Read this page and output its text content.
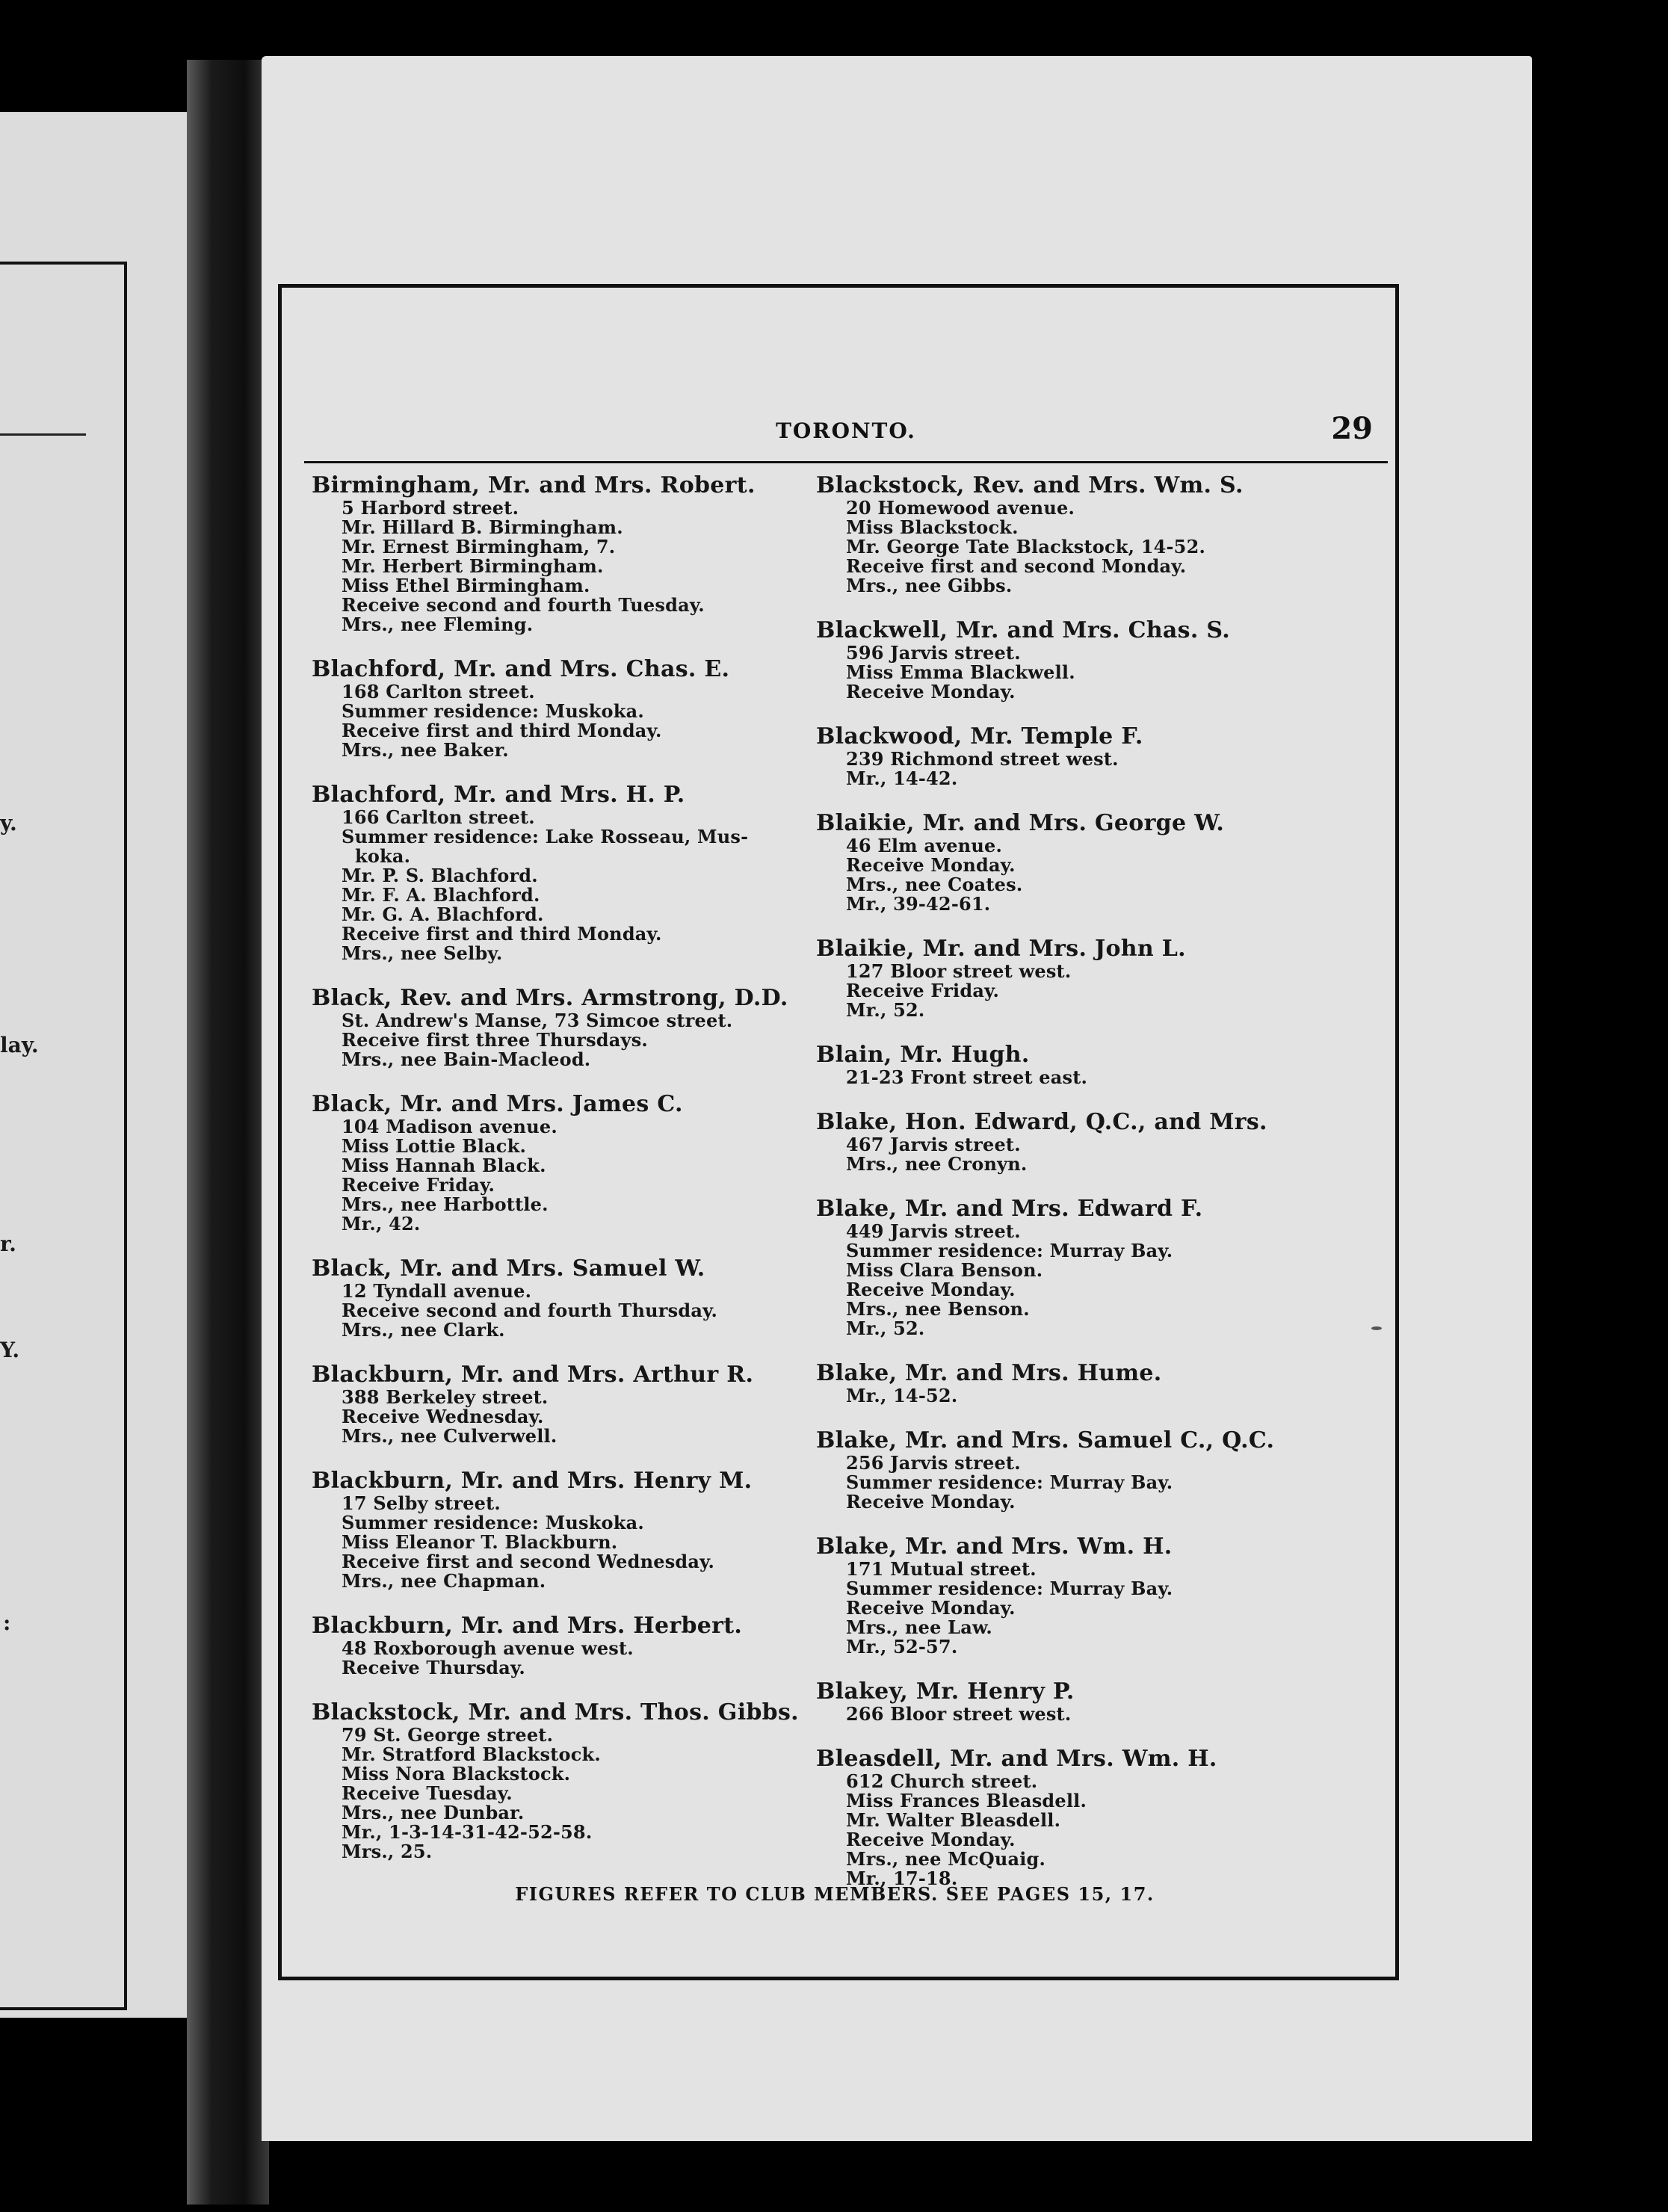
y.
lay.
r.
Y.
:
TORONTO.	29
Birmingham, Mr. and Mrs. Robert.
5 Harbord street.
Mr. Hillard B. Birmingham.
Mr. Ernest Birmingham, 7.
Mr. Herbert Birmingham.
Miss Ethel Birmingham.
Receive second and fourth Tuesday.
Mrs., nee Fleming.
Blachford, Mr. and Mrs. Chas. E.
168 Carlton street.
Summer residence: Muskoka.
Receive first and third Monday.
Mrs., nee Baker.
Blachford, Mr. and Mrs. H. P.
166 Carlton street.
Summer residence: Lake Rosseau, Mus-
koka.
Mr. P. S. Blachford.
Mr. F. A. Blachford.
Mr. G. A. Blachford.
Receive first and third Monday.
Mrs., nee Selby.
Black, Rev. and Mrs. Armstrong, D.D.
St. Andrew's Manse, 73 Simcoe street.
Receive first three Thursdays.
Mrs., nee Bain-Macleod.
Black, Mr. and Mrs. James C.
104 Madison avenue.
Miss Lottie Black.
Miss Hannah Black.
Receive Friday.
Mrs., nee Harbottle.
Mr., 42.
Black, Mr. and Mrs. Samuel W.
12 Tyndall avenue.
Receive second and fourth Thursday.
Mrs., nee Clark.
Blackburn, Mr. and Mrs. Arthur R.
388 Berkeley street.
Receive Wednesday.
Mrs., nee Culverwell.
Blackburn, Mr. and Mrs. Henry M.
17 Selby street.
Summer residence: Muskoka.
Miss Eleanor T. Blackburn.
Receive first and second Wednesday.
Mrs., nee Chapman.
Blackburn, Mr. and Mrs. Herbert.
48 Roxborough avenue west.
Receive Thursday.
Blackstock, Mr. and Mrs. Thos. Gibbs.
79 St. George street.
Mr. Stratford Blackstock.
Miss Nora Blackstock.
Receive Tuesday.
Mrs., nee Dunbar.
Mr., 1-3-14-31-42-52-58.
Mrs., 25.
Blackstock, Rev. and Mrs. Wm. S.
20 Homewood avenue.
Miss Blackstock.
Mr. George Tate Blackstock, 14-52.
Receive first and second Monday.
Mrs., nee Gibbs.
Blackwell, Mr. and Mrs. Chas. S.
596 Jarvis street.
Miss Emma Blackwell.
Receive Monday.
Blackwood, Mr. Temple F.
239 Richmond street west.
Mr., 14-42.
Blaikie, Mr. and Mrs. George W.
46 Elm avenue.
Receive Monday.
Mrs., nee Coates.
Mr., 39-42-61.
Blaikie, Mr. and Mrs. John L.
127 Bloor street west.
Receive Friday.
Mr., 52.
Blain, Mr. Hugh.
21-23 Front street east.
Blake, Hon. Edward, Q.C., and Mrs.
467 Jarvis street.
Mrs., nee Cronyn.
Blake, Mr. and Mrs. Edward F.
449 Jarvis street.
Summer residence: Murray Bay.
Miss Clara Benson.
Receive Monday.
Mrs., nee Benson.
Mr., 52.
Blake, Mr. and Mrs. Hume.
Mr., 14-52.
Blake, Mr. and Mrs. Samuel C., Q.C.
256 Jarvis street.
Summer residence: Murray Bay.
Receive Monday.
Blake, Mr. and Mrs. Wm. H.
171 Mutual street.
Summer residence: Murray Bay.
Receive Monday.
Mrs., nee Law.
Mr., 52-57.
Blakey, Mr. Henry P.
266 Bloor street west.
Bleasdell, Mr. and Mrs. Wm. H.
612 Church street.
Miss Frances Bleasdell.
Mr. Walter Bleasdell.
Receive Monday.
Mrs., nee McQuaig.
Mr., 17-18.
FIGURES REFER TO CLUB MEMBERS. SEE PAGES 15, 17.
